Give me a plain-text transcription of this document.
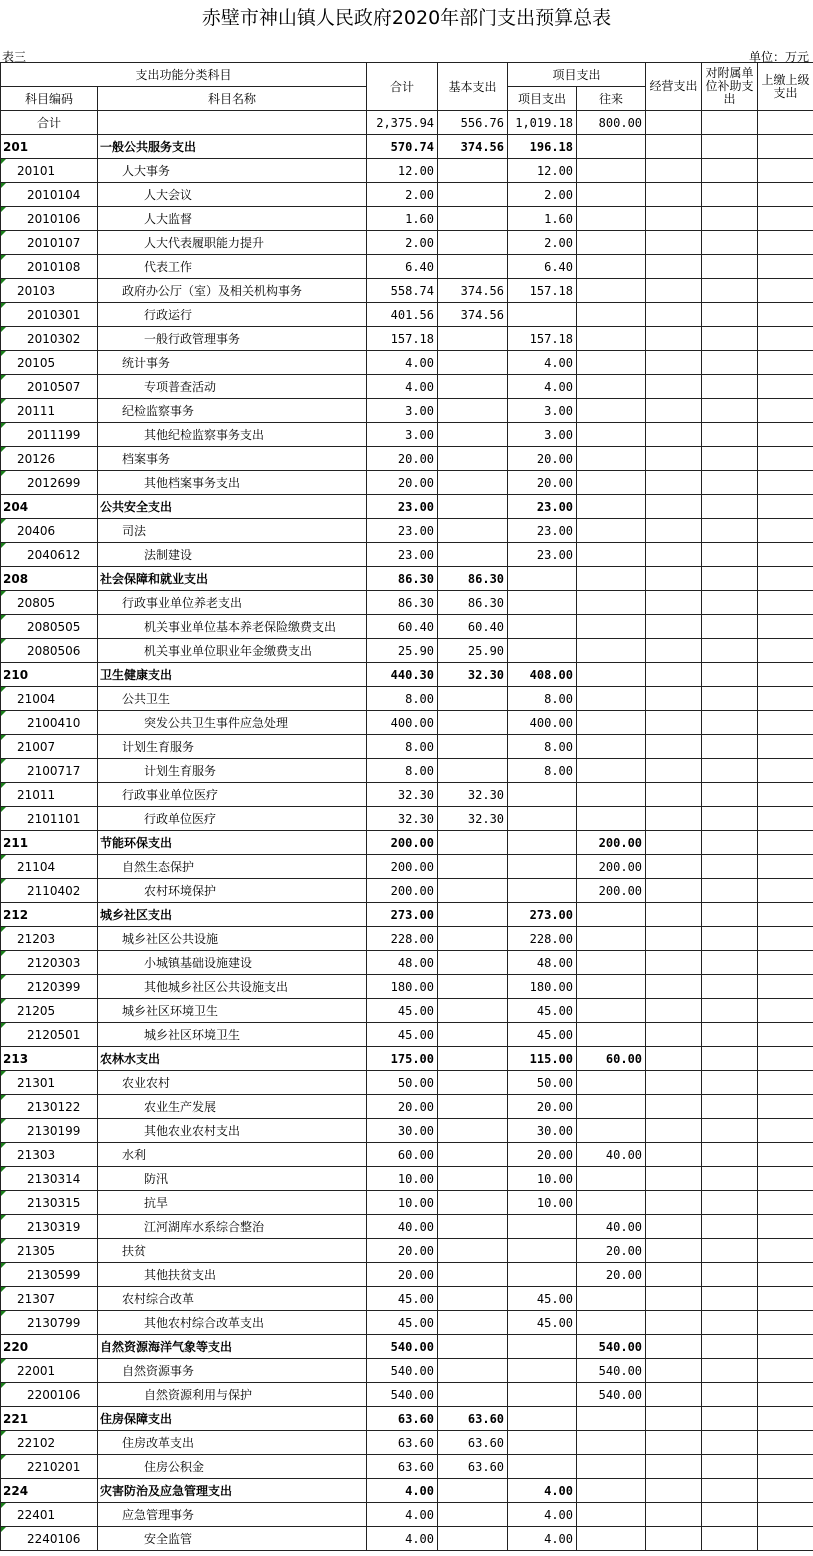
赤壁市神山镇人民政府2020年部门支出预算总表
表三	单位：万元
支出功能分类科目		合计	基本支出	项目支出		经营支出	对附属单位补助支出	上缴上级支出
科目编码	科目名称			项目支出	往来			
合计		2,375.94	556.76	1,019.18	800.00			
201	一般公共服务支出	570.74	374.56	196.18				
20101	人大事务	12.00		12.00				
2010104	人大会议	2.00		2.00				
2010106	人大监督	1.60		1.60				
2010107	人大代表履职能力提升	2.00		2.00				
2010108	代表工作	6.40		6.40				
20103	政府办公厅（室）及相关机构事务	558.74	374.56	157.18				
2010301	行政运行	401.56	374.56					
2010302	一般行政管理事务	157.18		157.18				
20105	统计事务	4.00		4.00				
2010507	专项普查活动	4.00		4.00				
20111	纪检监察事务	3.00		3.00				
2011199	其他纪检监察事务支出	3.00		3.00				
20126	档案事务	20.00		20.00				
2012699	其他档案事务支出	20.00		20.00				
204	公共安全支出	23.00		23.00				
20406	司法	23.00		23.00				
2040612	法制建设	23.00		23.00				
208	社会保障和就业支出	86.30	86.30					
20805	行政事业单位养老支出	86.30	86.30					
2080505	机关事业单位基本养老保险缴费支出	60.40	60.40					
2080506	机关事业单位职业年金缴费支出	25.90	25.90					
210	卫生健康支出	440.30	32.30	408.00				
21004	公共卫生	8.00		8.00				
2100410	突发公共卫生事件应急处理	400.00		400.00				
21007	计划生育服务	8.00		8.00				
2100717	计划生育服务	8.00		8.00				
21011	行政事业单位医疗	32.30	32.30					
2101101	行政单位医疗	32.30	32.30					
211	节能环保支出	200.00			200.00			
21104	自然生态保护	200.00			200.00			
2110402	农村环境保护	200.00			200.00			
212	城乡社区支出	273.00		273.00				
21203	城乡社区公共设施	228.00		228.00				
2120303	小城镇基础设施建设	48.00		48.00				
2120399	其他城乡社区公共设施支出	180.00		180.00				
21205	城乡社区环境卫生	45.00		45.00				
2120501	城乡社区环境卫生	45.00		45.00				
213	农林水支出	175.00		115.00	60.00			
21301	农业农村	50.00		50.00				
2130122	农业生产发展	20.00		20.00				
2130199	其他农业农村支出	30.00		30.00				
21303	水利	60.00		20.00	40.00			
2130314	防汛	10.00		10.00				
2130315	抗旱	10.00		10.00				
2130319	江河湖库水系综合整治	40.00			40.00			
21305	扶贫	20.00			20.00			
2130599	其他扶贫支出	20.00			20.00			
21307	农村综合改革	45.00		45.00				
2130799	其他农村综合改革支出	45.00		45.00				
220	自然资源海洋气象等支出	540.00			540.00			
22001	自然资源事务	540.00			540.00			
2200106	自然资源利用与保护	540.00			540.00			
221	住房保障支出	63.60	63.60					
22102	住房改革支出	63.60	63.60					
2210201	住房公积金	63.60	63.60					
224	灾害防治及应急管理支出	4.00		4.00				
22401	应急管理事务	4.00		4.00				
2240106	安全监管	4.00		4.00				
